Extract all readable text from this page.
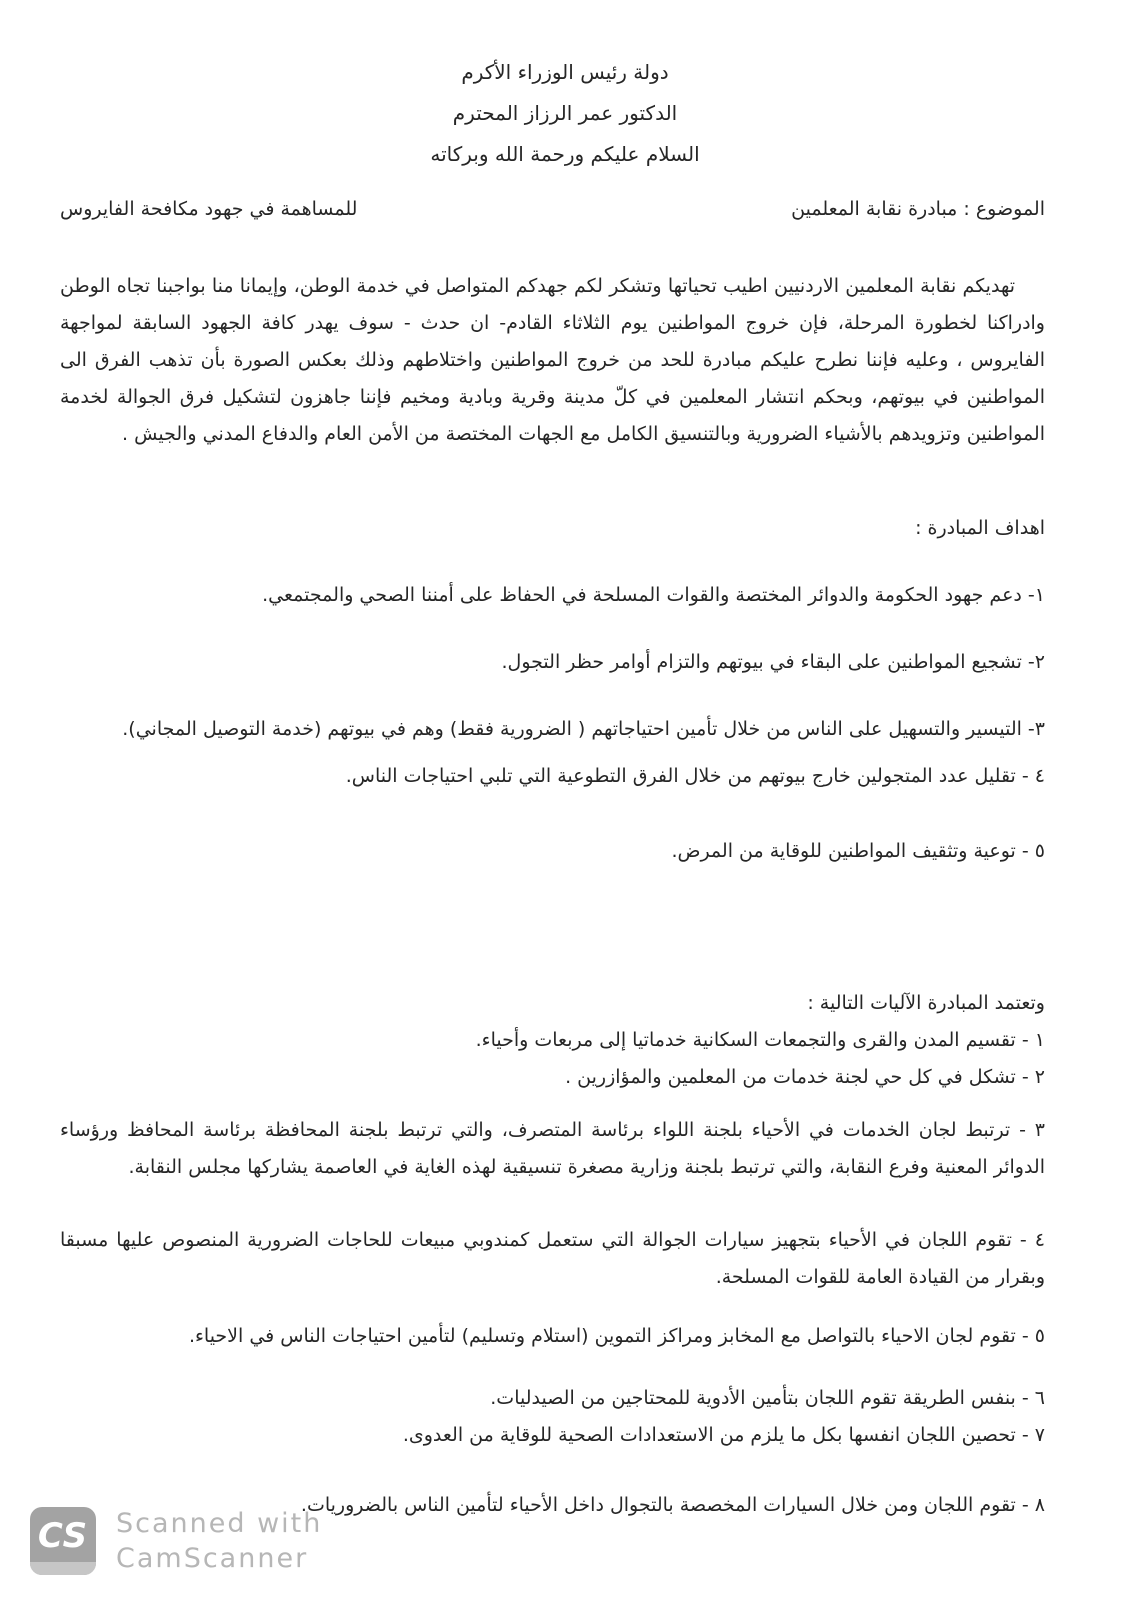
دولة رئيس الوزراء الأكرم
الدكتور عمر الرزاز المحترم
السلام عليكم ورحمة الله وبركاته
الموضوع : مبادرة نقابة المعلمين
للمساهمة في جهود مكافحة الفايروس

تهديكم نقابة المعلمين الاردنيين اطيب تحياتها وتشكر لكم جهدكم المتواصل في خدمة الوطن، وإيمانا منا بواجبنا تجاه الوطن وادراكنا لخطورة المرحلة، فإن خروج المواطنين يوم الثلاثاء القادم- ان حدث - سوف يهدر كافة الجهود السابقة لمواجهة الفايروس ، وعليه فإننا نطرح عليكم مبادرة للحد من خروج المواطنين واختلاطهم وذلك بعكس الصورة بأن تذهب الفرق الى المواطنين في بيوتهم، وبحكم انتشار المعلمين في كلّ مدينة وقرية وبادية ومخيم فإننا جاهزون لتشكيل فرق الجوالة لخدمة المواطنين وتزويدهم بالأشياء الضرورية وبالتنسيق الكامل مع الجهات المختصة من الأمن العام والدفاع المدني والجيش .

اهداف المبادرة :
١- دعم جهود الحكومة والدوائر المختصة والقوات المسلحة في الحفاظ على أمننا الصحي والمجتمعي.
٢- تشجيع المواطنين على البقاء في بيوتهم والتزام أوامر حظر التجول.
٣- التيسير والتسهيل على الناس من خلال تأمين احتياجاتهم ( الضرورية فقط) وهم في بيوتهم (خدمة التوصيل المجاني).
٤ - تقليل عدد المتجولين خارج بيوتهم من خلال الفرق التطوعية التي تلبي احتياجات الناس.
٥ - توعية وتثقيف المواطنين للوقاية من المرض.
وتعتمد المبادرة الآليات التالية :
١ - تقسيم المدن والقرى والتجمعات السكانية خدماتيا إلى مربعات وأحياء.
٢ - تشكل في كل حي لجنة خدمات من المعلمين والمؤازرين .
٣ - ترتبط لجان الخدمات في الأحياء بلجنة اللواء برئاسة المتصرف، والتي ترتبط بلجنة المحافظة برئاسة المحافظ ورؤساء الدوائر المعنية وفرع النقابة، والتي ترتبط بلجنة وزارية مصغرة تنسيقية لهذه الغاية في العاصمة يشاركها مجلس النقابة.
٤ - تقوم اللجان في الأحياء بتجهيز سيارات الجوالة التي ستعمل كمندوبي مبيعات للحاجات الضرورية المنصوص عليها مسبقا وبقرار من القيادة العامة للقوات المسلحة.
٥ - تقوم لجان الاحياء بالتواصل مع المخابز ومراكز التموين (استلام وتسليم) لتأمين احتياجات الناس في الاحياء.
٦ - بنفس الطريقة تقوم اللجان بتأمين الأدوية للمحتاجين من الصيدليات.
٧ - تحصين اللجان انفسها بكل ما يلزم من الاستعدادات الصحية للوقاية من العدوى.
٨ - تقوم اللجان ومن خلال السيارات المخصصة بالتجوال داخل الأحياء لتأمين الناس بالضروريات.
CS Scanned with
CamScanner
